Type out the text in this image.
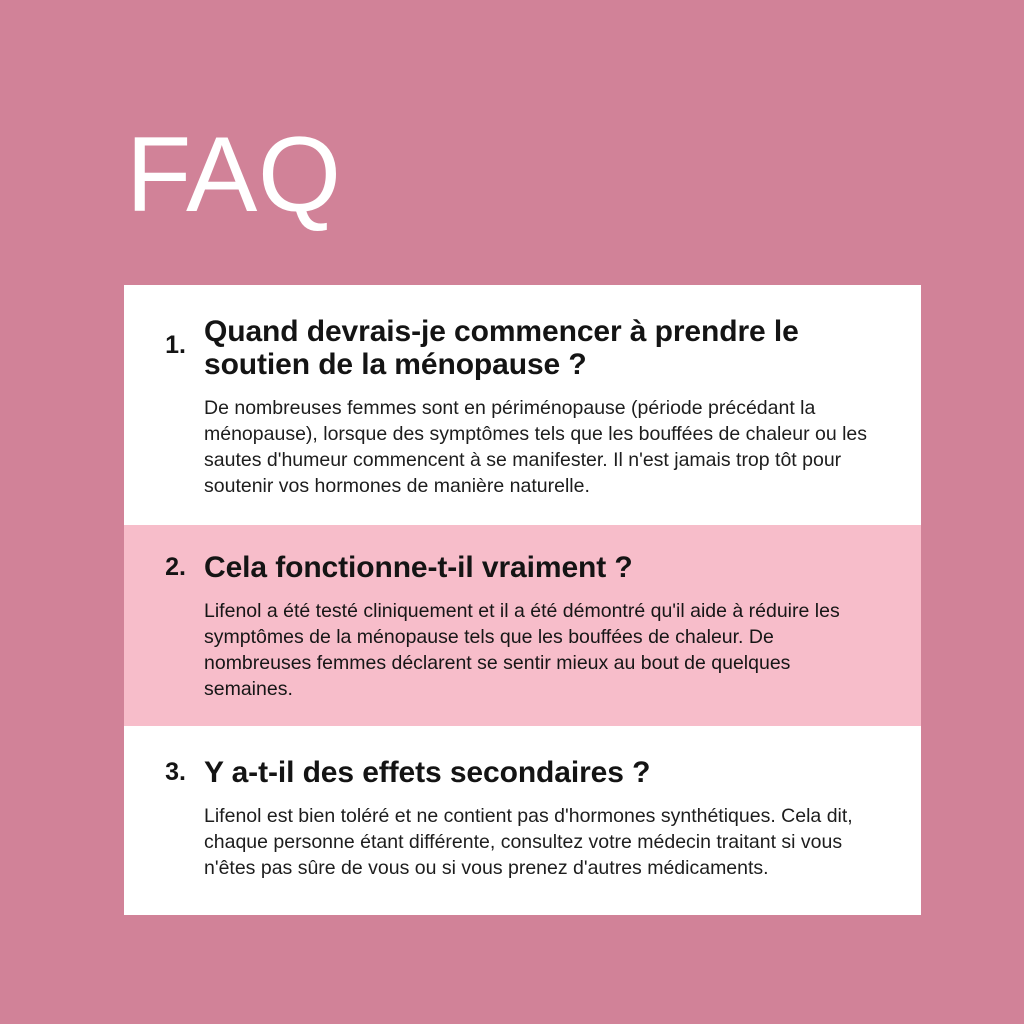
FAQ
1. Quand devrais-je commencer à prendre le soutien de la ménopause ?

De nombreuses femmes sont en périménopause (période précédant la ménopause), lorsque des symptômes tels que les bouffées de chaleur ou les sautes d'humeur commencent à se manifester. Il n'est jamais trop tôt pour soutenir vos hormones de manière naturelle.

2. Cela fonctionne-t-il vraiment ?

Lifenol a été testé cliniquement et il a été démontré qu'il aide à réduire les symptômes de la ménopause tels que les bouffées de chaleur. De nombreuses femmes déclarent se sentir mieux au bout de quelques semaines.

3. Y a-t-il des effets secondaires ?

Lifenol est bien toléré et ne contient pas d'hormones synthétiques. Cela dit, chaque personne étant différente, consultez votre médecin traitant si vous n'êtes pas sûre de vous ou si vous prenez d'autres médicaments.
